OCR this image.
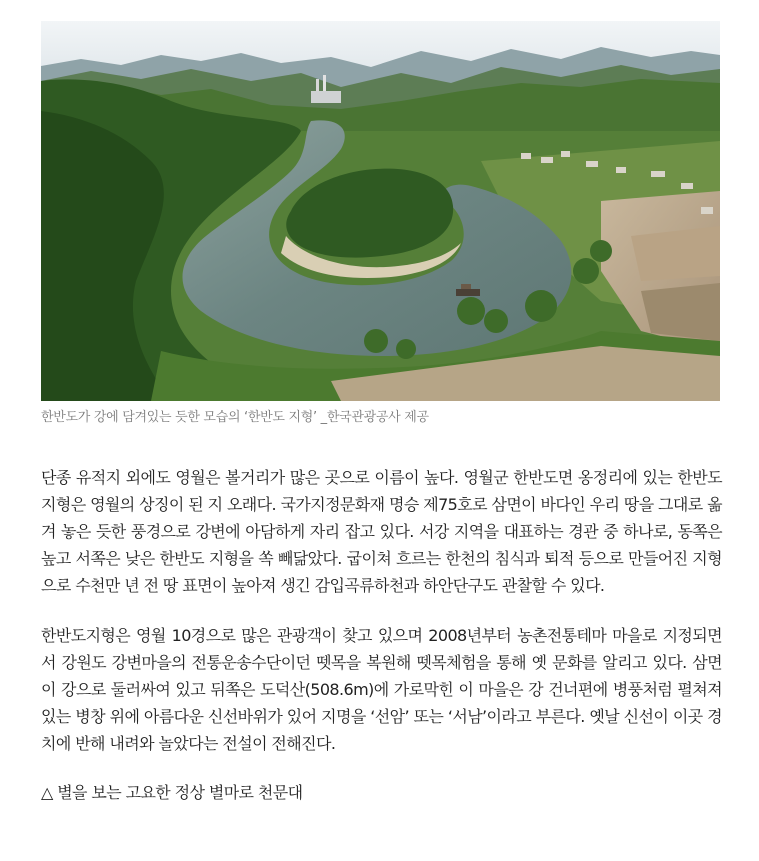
한반도가 강에 담겨있는 듯한 모습의 ‘한반도 지형’ _한국관광공사 제공

단종 유적지 외에도 영월은 볼거리가 많은 곳으로 이름이 높다. 영월군 한반도면 옹정리에 있는 한반도 지형은 영월의 상징이 된 지 오래다. 국가지정문화재 명승 제75호로 삼면이 바다인 우리 땅을 그대로 옮겨 놓은 듯한 풍경으로 강변에 아담하게 자리 잡고 있다. 서강 지역을 대표하는 경관 중 하나로, 동쪽은 높고 서쪽은 낮은 한반도 지형을 쏙 빼닮았다. 굽이쳐 흐르는 한천의 침식과 퇴적 등으로 만들어진 지형으로 수천만 년 전 땅 표면이 높아져 생긴 감입곡류하천과 하안단구도 관찰할 수 있다.

한반도지형은 영월 10경으로 많은 관광객이 찾고 있으며 2008년부터 농촌전통테마 마을로 지정되면서 강원도 강변마을의 전통운송수단이던 뗏목을 복원해 뗏목체험을 통해 옛 문화를 알리고 있다. 삼면이 강으로 둘러싸여 있고 뒤쪽은 도덕산(508.6m)에 가로막힌 이 마을은 강 건너편에 병풍처럼 펼쳐져 있는 병창 위에 아름다운 신선바위가 있어 지명을 ‘선암’ 또는 ‘서남’이라고 부른다. 옛날 신선이 이곳 경치에 반해 내려와 놀았다는 전설이 전해진다.

△ 별을 보는 고요한 정상 별마로 천문대
